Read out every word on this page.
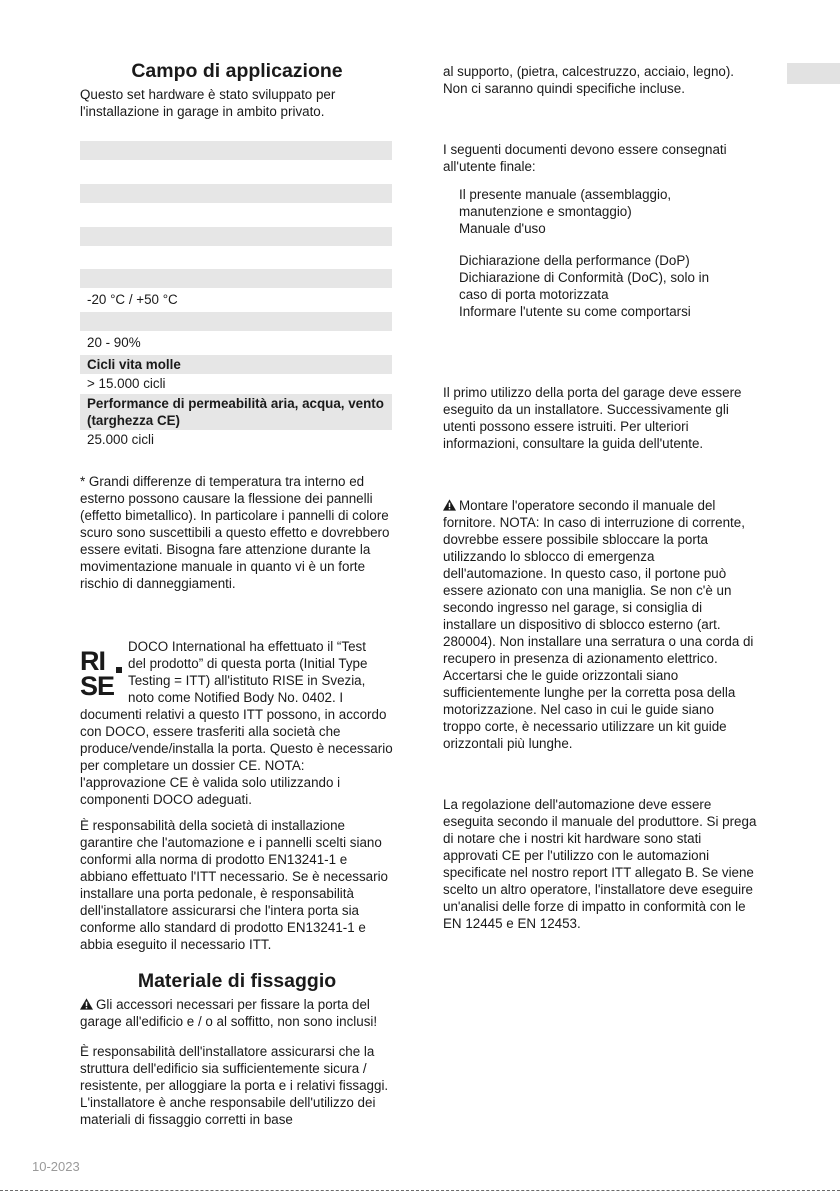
Campo di applicazione

Questo set hardware è stato sviluppato per l'installazione in garage in ambito privato.

-20 °C / +50 °C
20 - 90%
Cicli vita molle
> 15.000 cicli
Performance di permeabilità aria, acqua, vento (targhezza CE)
25.000 cicli

* Grandi differenze di temperatura tra interno ed esterno possono causare la flessione dei pannelli (effetto bimetallico). In particolare i pannelli di colore scuro sono suscettibili a questo effetto e dovrebbero essere evitati. Bisogna fare attenzione durante la movimentazione manuale in quanto vi è un forte rischio di danneggiamenti.

RI
SE

DOCO International ha effettuato il “Test

del prodotto” di questa porta (Initial Type

Testing = ITT) all'istituto RISE in Svezia,

noto come Notified Body No. 0402. I

documenti relativi a questo ITT possono, in accordo con DOCO, essere trasferiti alla società che produce/vende/installa la porta. Questo è necessario per completare un dossier CE. NOTA: l'approvazione CE è valida solo utilizzando i componenti DOCO adeguati.

È responsabilità della società di installazione garantire che l'automazione e i pannelli scelti siano conformi alla norma di prodotto EN13241-1 e abbiano effettuato l'ITT necessario. Se è necessario installare una porta pedonale, è responsabilità dell'installatore assicurarsi che l'intera porta sia conforme allo standard di prodotto EN13241-1 e abbia eseguito il necessario ITT.

Materiale di fissaggio

Gli accessori necessari per fissare la porta del garage all'edificio e / o al soffitto, non sono inclusi!

È responsabilità dell'installatore assicurarsi che la struttura dell'edificio sia sufficientemente sicura / resistente, per alloggiare la porta e i relativi fissaggi. L'installatore è anche responsabile dell'utilizzo dei materiali di fissaggio corretti in base

al supporto, (pietra, calcestruzzo, acciaio, legno). Non ci saranno quindi specifiche incluse.

I seguenti documenti devono essere consegnati all'utente finale:

Il presente manuale (assemblaggio, manutenzione e smontaggio)

Manuale d'uso

Dichiarazione della performance (DoP)

Dichiarazione di Conformità (DoC), solo in caso di porta motorizzata

Informare l'utente su come comportarsi

Il primo utilizzo della porta del garage deve essere eseguito da un installatore. Successivamente gli utenti possono essere istruiti. Per ulteriori informazioni, consultare la guida dell'utente.

Montare l'operatore secondo il manuale del fornitore. NOTA: In caso di interruzione di corrente, dovrebbe essere possibile sbloccare la porta utilizzando lo sblocco di emergenza dell'automazione. In questo caso, il portone può essere azionato con una maniglia. Se non c'è un secondo ingresso nel garage, si consiglia di installare un dispositivo di sblocco esterno (art. 280004). Non installare una serratura o una corda di recupero in presenza di azionamento elettrico. Accertarsi che le guide orizzontali siano sufficientemente lunghe per la corretta posa della motorizzazione. Nel caso in cui le guide siano troppo corte, è necessario utilizzare un kit guide orizzontali più lunghe.

La regolazione dell'automazione deve essere eseguita secondo il manuale del produttore. Si prega di notare che i nostri kit hardware sono stati approvati CE per l'utilizzo con le automazioni specificate nel nostro report ITT allegato B. Se viene scelto un altro operatore, l'installatore deve eseguire un'analisi delle forze di impatto in conformità con le EN 12445 e EN 12453.

10-2023
